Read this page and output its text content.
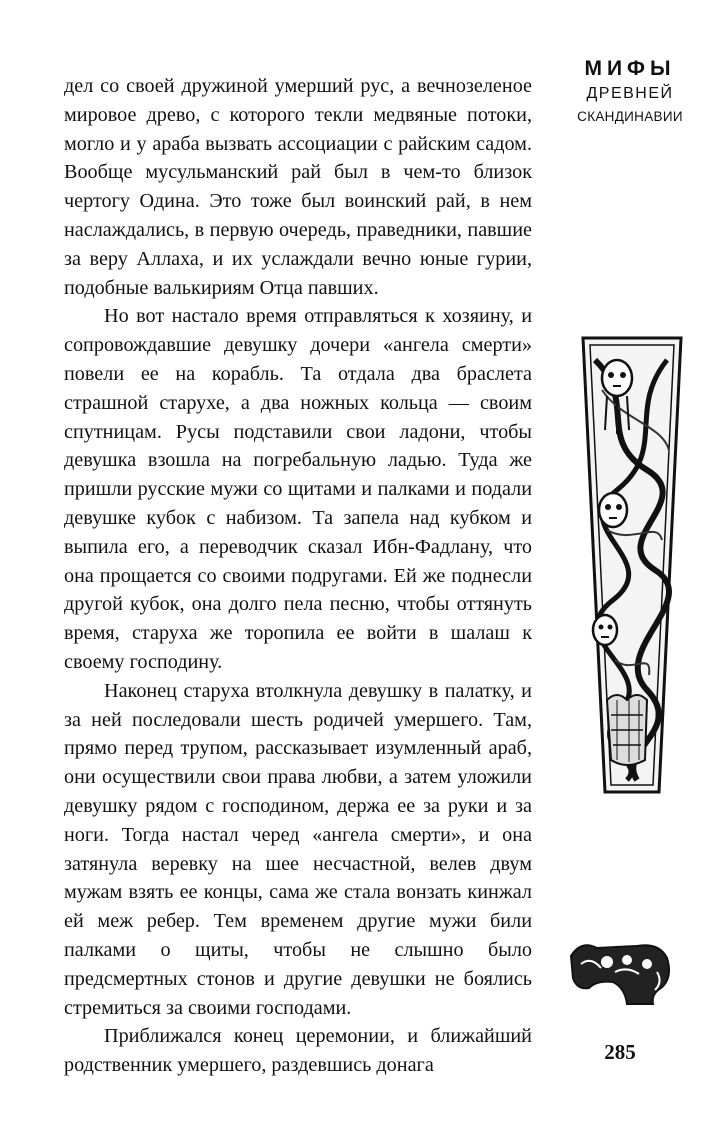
дел со своей дружиной умерший рус, а вечнозеленое мировое древо, с которого текли медвяные потоки, могло и у араба вызвать ассоциации с райским садом. Вообще мусульманский рай был в чем-то близок чертогу Одина. Это тоже был воинский рай, в нем наслаждались, в первую очередь, праведники, павшие за веру Аллаха, и их услаждали вечно юные гурии, подобные валькириям Отца павших.

Но вот настало время отправляться к хозяину, и сопровождавшие девушку дочери «ангела смерти» повели ее на корабль. Та отдала два браслета страшной старухе, а два ножных кольца — своим спутницам. Русы подставили свои ладони, чтобы девушка взошла на погребальную ладью. Туда же пришли русские мужи со щитами и палками и подали девушке кубок с набизом. Та запела над кубком и выпила его, а переводчик сказал Ибн-Фадлану, что она прощается со своими подругами. Ей же поднесли другой кубок, она долго пела песню, чтобы оттянуть время, старуха же торопила ее войти в шалаш к своему господину.

Наконец старуха втолкнула девушку в палатку, и за ней последовали шесть родичей умершего. Там, прямо перед трупом, рассказывает изумленный араб, они осуществили свои права любви, а затем уложили девушку рядом с господином, держа ее за руки и за ноги. Тогда настал черед «ангела смерти», и она затянула веревку на шее несчастной, велев двум мужам взять ее концы, сама же стала вонзать кинжал ей меж ребер. Тем временем другие мужи били палками о щиты, чтобы не слышно было предсмертных стонов и другие девушки не боялись стремиться за своими господами.

Приближался конец церемонии, и ближайший родственник умершего, раздевшись донага

МИФЫ
ДРЕВНЕЙ
СКАНДИНАВИИ
285
